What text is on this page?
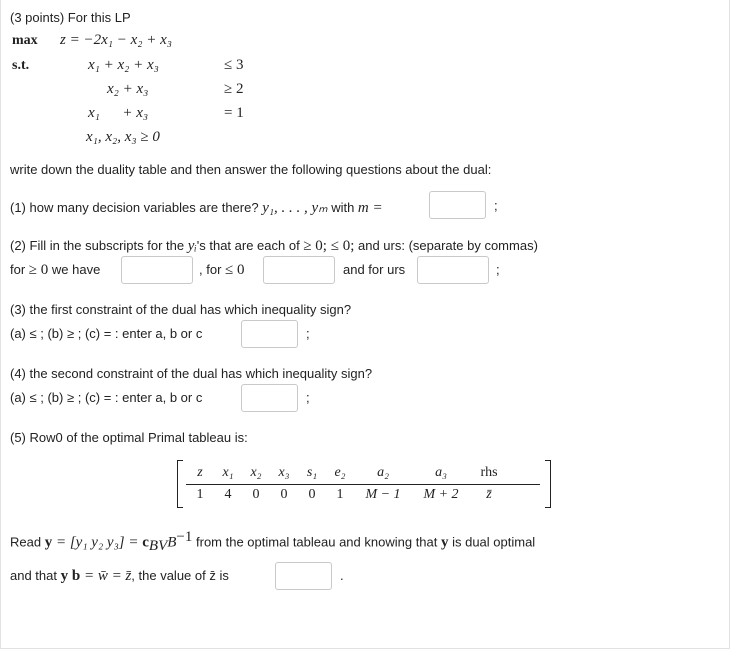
(3 points) For this LP
max z = −2x₁ − x₂ + x₃
s.t.	x₁ + x₂ + x₃	≤ 3
x₂ + x₃	≥ 2
x₁      + x₃	= 1
x₁, x₂, x₃ ≥ 0
write down the duality table and then answer the following questions about the dual:
(1) how many decision variables are there? y₁, . . . , yₘ with m =	;
(2) Fill in the subscripts for the yᵢ's that are each of ≥ 0; ≤ 0; and urs: (separate by commas)
for ≥ 0 we have	, for ≤ 0	and for urs	;
(3) the first constraint of the dual has which inequality sign?
(a) ≤ ; (b) ≥ ; (c) = : enter a, b or c	;
(4) the second constraint of the dual has which inequality sign?
(a) ≤ ; (b) ≥ ; (c) = : enter a, b or c	;
(5) Row0 of the optimal Primal tableau is:
z	x₁	x₂	x₃	s₁	e₂	a₂	a₃	rhs
1	4	0	0	0	1	M − 1	M + 2	z̄
Read y = [y₁ y₂ $y_3] = c_{BV}B^{-1}$ from the optimal tableau and knowing that y is dual optimal
and that y b = w̄ = z̄, the value of z̄ is	.
